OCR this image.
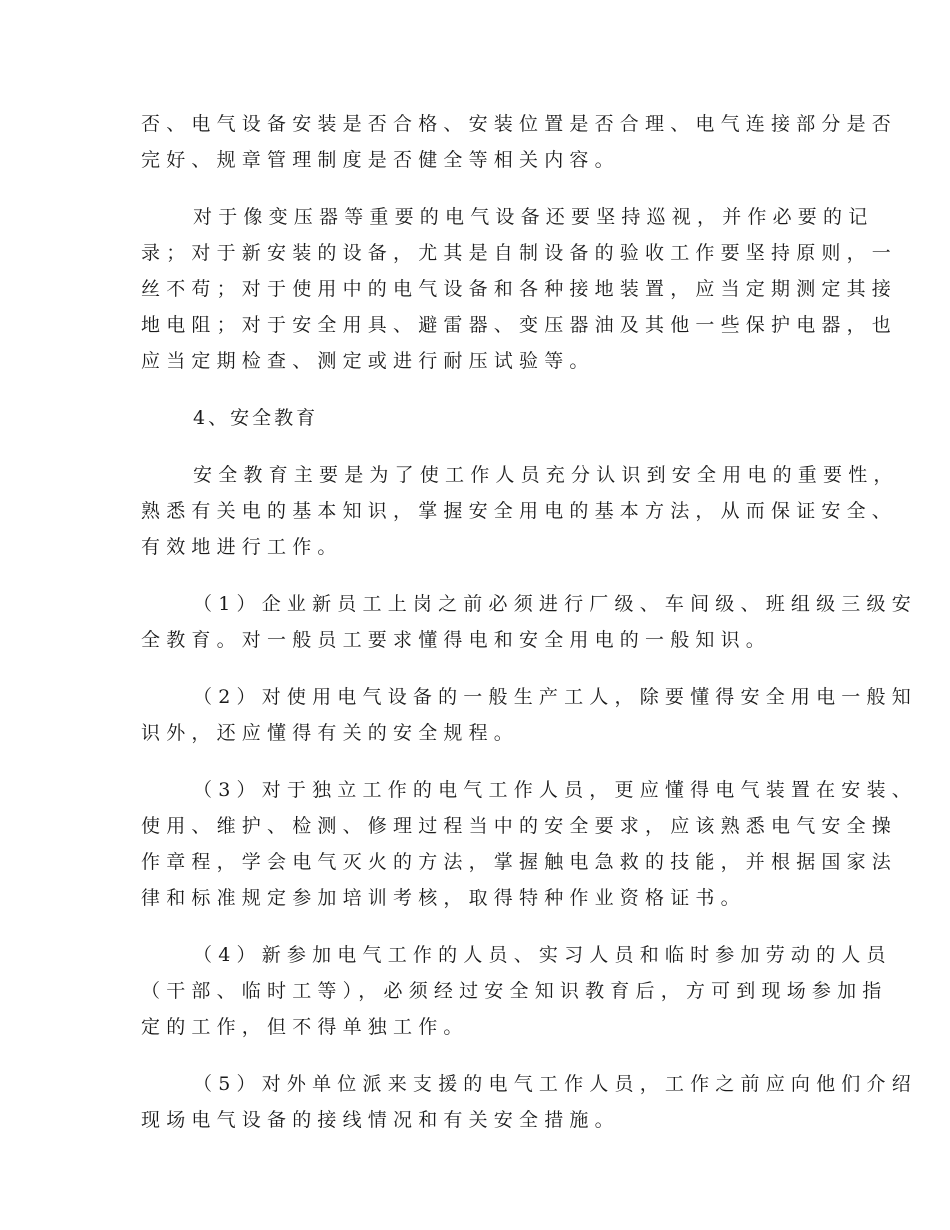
否、电气设备安装是否合格、安装位置是否合理、电气连接部分是否
完好、规章管理制度是否健全等相关内容。

对于像变压器等重要的电气设备还要坚持巡视，并作必要的记
录；对于新安装的设备，尤其是自制设备的验收工作要坚持原则，一
丝不苟；对于使用中的电气设备和各种接地装置，应当定期测定其接
地电阻；对于安全用具、避雷器、变压器油及其他一些保护电器，也
应当定期检查、测定或进行耐压试验等。

4、安全教育

安全教育主要是为了使工作人员充分认识到安全用电的重要性，
熟悉有关电的基本知识，掌握安全用电的基本方法，从而保证安全、
有效地进行工作。

（1）企业新员工上岗之前必须进行厂级、车间级、班组级三级安
全教育。对一般员工要求懂得电和安全用电的一般知识。

（2）对使用电气设备的一般生产工人，除要懂得安全用电一般知
识外，还应懂得有关的安全规程。

（3）对于独立工作的电气工作人员，更应懂得电气装置在安装、
使用、维护、检测、修理过程当中的安全要求，应该熟悉电气安全操
作章程，学会电气灭火的方法，掌握触电急救的技能，并根据国家法
律和标准规定参加培训考核，取得特种作业资格证书。

（4）新参加电气工作的人员、实习人员和临时参加劳动的人员
（干部、临时工等），必须经过安全知识教育后，方可到现场参加指
定的工作，但不得单独工作。

（5）对外单位派来支援的电气工作人员，工作之前应向他们介绍
现场电气设备的接线情况和有关安全措施。
